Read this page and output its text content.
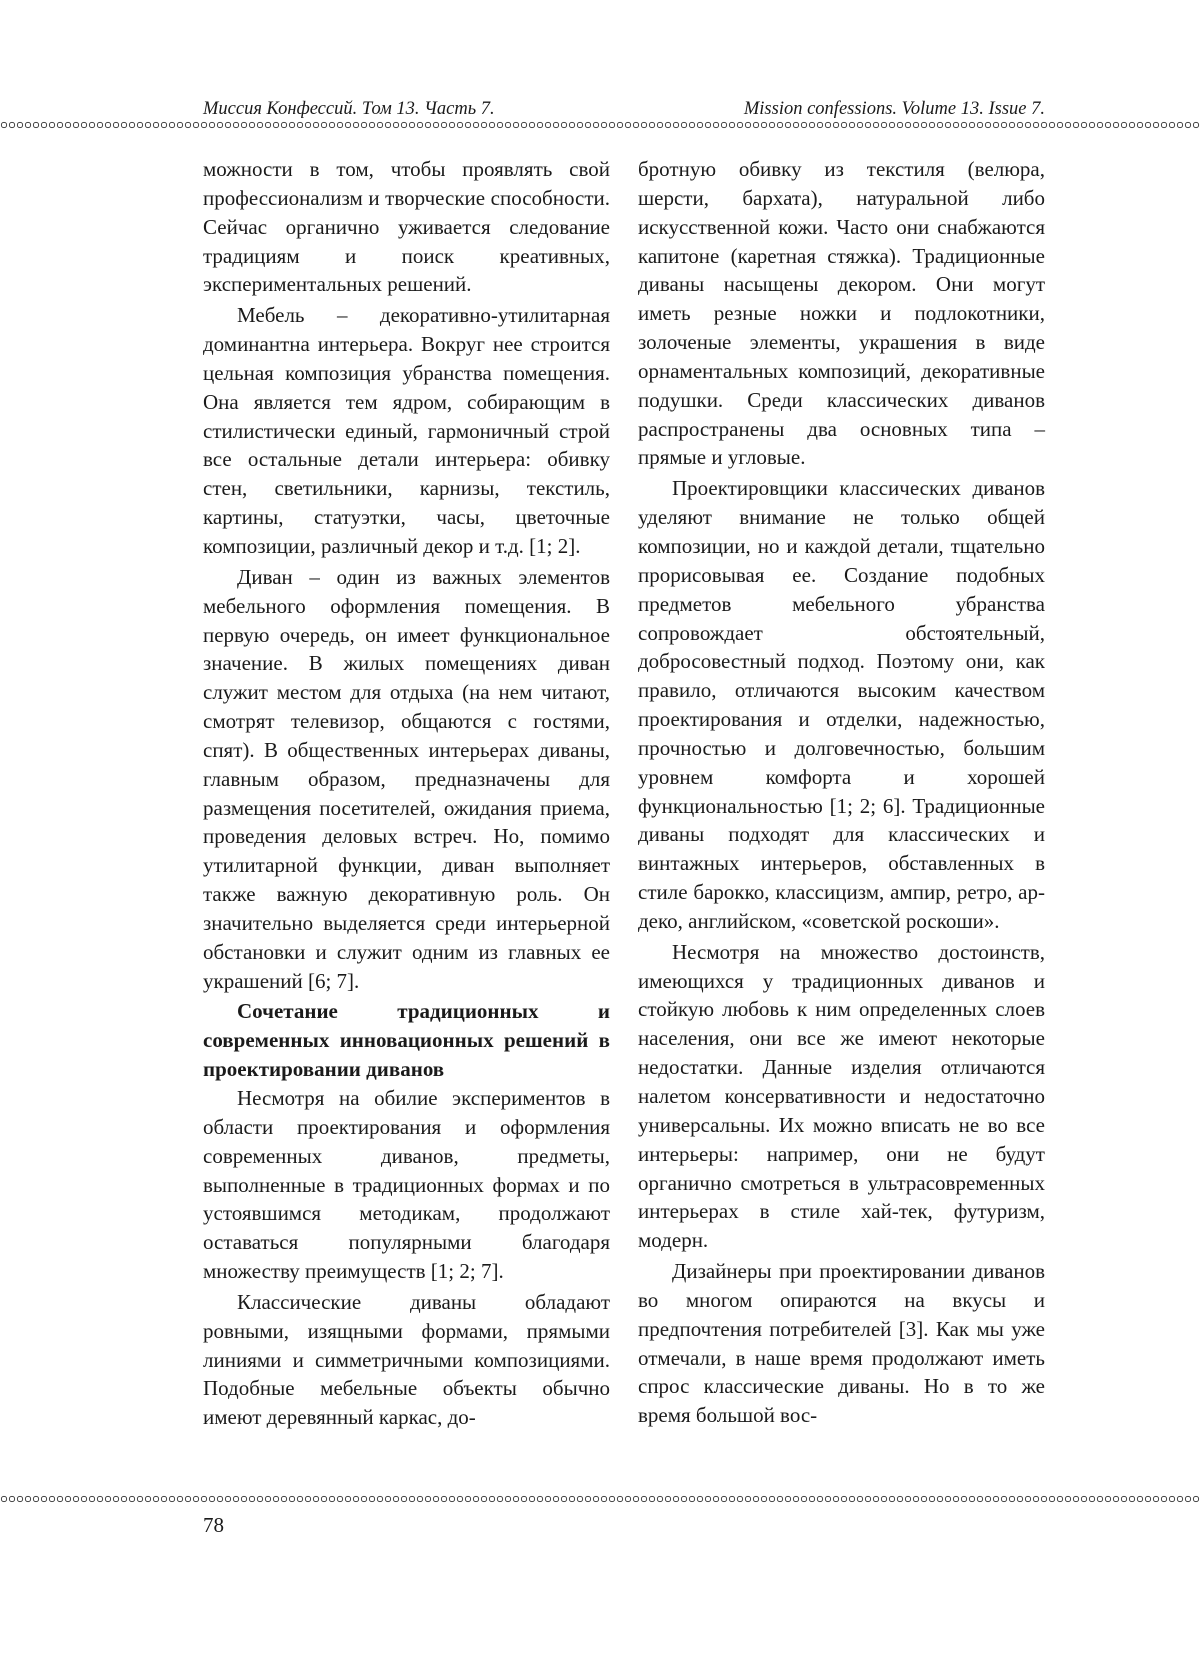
Миссия Конфессий. Том 13. Часть 7.	Mission confessions. Volume 13. Issue 7.

можности в том, чтобы проявлять свой профессионализм и творческие способности. Сейчас органично уживается следование традициям и поиск креативных, экспериментальных решений.

Мебель – декоративно-утилитарная доминантна интерьера. Вокруг нее строится цельная композиция убранства помещения. Она является тем ядром, собирающим в стилистически единый, гармоничный строй все остальные детали интерьера: обивку стен, светильники, карнизы, текстиль, картины, статуэтки, часы, цветочные композиции, различный декор и т.д. [1; 2].

Диван – один из важных элементов мебельного оформления помещения. В первую очередь, он имеет функциональное значение. В жилых помещениях диван служит местом для отдыха (на нем читают, смотрят телевизор, общаются с гостями, спят). В общественных интерьерах диваны, главным образом, предназначены для размещения посетителей, ожидания приема, проведения деловых встреч. Но, помимо утилитарной функции, диван выполняет также важную декоративную роль. Он значительно выделяется среди интерьерной обстановки и служит одним из главных ее украшений [6; 7].

Сочетание традиционных и современных инновационных решений в проектировании диванов

Несмотря на обилие экспериментов в области проектирования и оформления современных диванов, предметы, выполненные в традиционных формах и по устоявшимся методикам, продолжают оставаться популярными благодаря множеству преимуществ [1; 2; 7].

Классические диваны обладают ровными, изящными формами, прямыми линиями и симметричными композициями. Подобные мебельные объекты обычно имеют деревянный каркас, до-

бротную обивку из текстиля (велюра, шерсти, бархата), натуральной либо искусственной кожи. Часто они снабжаются капитоне (каретная стяжка). Традиционные диваны насыщены декором. Они могут иметь резные ножки и подлокотники, золоченые элементы, украшения в виде орнаментальных композиций, декоративные подушки. Среди классических диванов распространены два основных типа – прямые и угловые.

Проектировщики классических диванов уделяют внимание не только общей композиции, но и каждой детали, тщательно прорисовывая ее. Создание подобных предметов мебельного убранства сопровождает обстоятельный, добросовестный подход. Поэтому они, как правило, отличаются высоким качеством проектирования и отделки, надежностью, прочностью и долговечностью, большим уровнем комфорта и хорошей функциональностью [1; 2; 6]. Традиционные диваны подходят для классических и винтажных интерьеров, обставленных в стиле барокко, классицизм, ампир, ретро, ар-деко, английском, «советской роскоши».

Несмотря на множество достоинств, имеющихся у традиционных диванов и стойкую любовь к ним определенных слоев населения, они все же имеют некоторые недостатки. Данные изделия отличаются налетом консервативности и недостаточно универсальны. Их можно вписать не во все интерьеры: например, они не будут органично смотреться в ультрасовременных интерьерах в стиле хай-тек, футуризм, модерн.

Дизайнеры при проектировании диванов во многом опираются на вкусы и предпочтения потребителей [3]. Как мы уже отмечали, в наше время продолжают иметь спрос классические диваны. Но в то же время большой вос-

78
